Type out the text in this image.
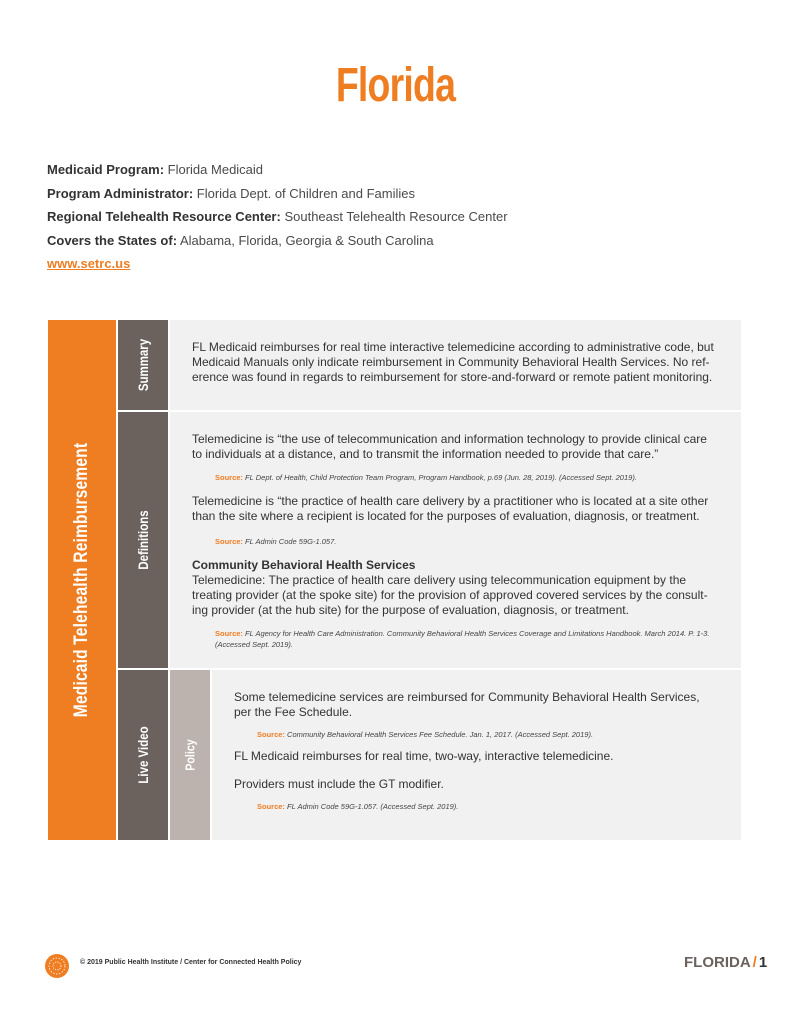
Florida
Medicaid Program: Florida Medicaid
Program Administrator: Florida Dept. of Children and Families
Regional Telehealth Resource Center: Southeast Telehealth Resource Center
Covers the States of: Alabama, Florida, Georgia & South Carolina
www.setrc.us
Medicaid Telehealth Reimbursement
Summary	FL Medicaid reimburses for real time interactive telemedicine according to administrative code, but Medicaid Manuals only indicate reimbursement in Community Behavioral Health Services. No ref-erence was found in regards to reimbursement for store-and-forward or remote patient monitoring.

Definitions

Telemedicine is “the use of telecommunication and information technology to provide clinical care to individuals at a distance, and to transmit the information needed to provide that care.”

Source: FL Dept. of Health, Child Protection Team Program, Program Handbook, p.69 (Jun. 28, 2019). (Accessed Sept. 2019).

Telemedicine is “the practice of health care delivery by a practitioner who is located at a site other than the site where a recipient is located for the purposes of evaluation, diagnosis, or treatment.

Source: FL Admin Code 59G-1.057.

Community Behavioral Health Services

Telemedicine: The practice of health care delivery using telecommunication equipment by the treating provider (at the spoke site) for the provision of approved covered services by the consult-ing provider (at the hub site) for the purpose of evaluation, diagnosis, or treatment.

Source: FL Agency for Health Care Administration. Community Behavioral Health Services Coverage and Limitations Handbook. March 2014. P. 1-3. (Accessed Sept. 2019).

Live Video Policy

Some telemedicine services are reimbursed for Community Behavioral Health Services, per the Fee Schedule.

Source: Community Behavioral Health Services Fee Schedule. Jan. 1, 2017. (Accessed Sept. 2019).

FL Medicaid reimburses for real time, two-way, interactive telemedicine.

Providers must include the GT modifier.

Source: FL Admin Code 59G-1.057. (Accessed Sept. 2019).

© 2019 Public Health Institute / Center for Connected Health Policy	FLORIDA / 1
